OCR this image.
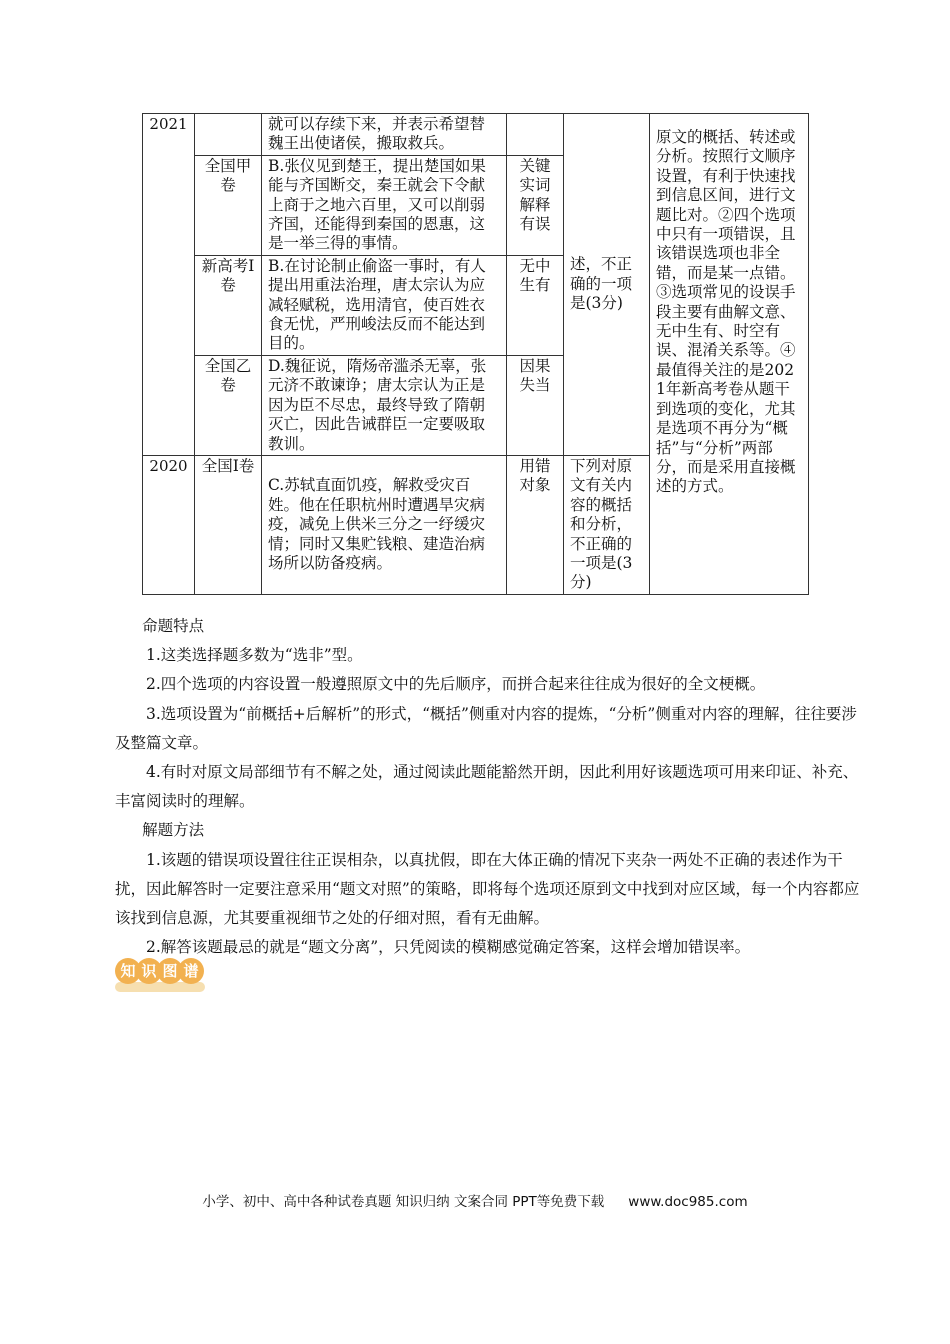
2021		就可以存续下来，并表示希望替魏王出使诸侯，搬取救兵。		述，不正确的一项是(3分)	原文的概括、转述或分析。按照行文顺序设置，有利于快速找到信息区间，进行文题比对。②四个选项中只有一项错误，且该错误选项也非全错，而是某一点错。③选项常见的设误手段主要有曲解文意、无中生有、时空有误、混淆关系等。④最值得关注的是2021年新高考卷从题干到选项的变化，尤其是选项不再分为“概括”与“分析”两部分，而是采用直接概述的方式。
	全国甲卷	B.张仪见到楚王，提出楚国如果能与齐国断交，秦王就会下令献上商于之地六百里，又可以削弱齐国，还能得到秦国的恩惠，这是一举三得的事情。	关键实词解释有误		
	新高考Ⅰ卷	B.在讨论制止偷盗一事时，有人提出用重法治理，唐太宗认为应减轻赋税，选用清官，使百姓衣食无忧，严刑峻法反而不能达到目的。	无中生有		
	全国乙卷	D.魏征说，隋炀帝滥杀无辜，张元济不敢谏诤；唐太宗认为正是因为臣不尽忠，最终导致了隋朝灭亡，因此告诫群臣一定要吸取教训。	因果失当		
2020	全国Ⅰ卷	C.苏轼直面饥疫，解救受灾百姓。他在任职杭州时遭遇旱灾病疫，减免上供米三分之一纾缓灾情；同时又集贮钱粮、建造治病场所以防备疫病。	用错对象	下列对原文有关内容的概括和分析，不正确的一项是(3分)	

命题特点

1.这类选择题多数为“选非”型。

2.四个选项的内容设置一般遵照原文中的先后顺序，而拼合起来往往成为很好的全文梗概。

3.选项设置为“前概括+后解析”的形式，“概括”侧重对内容的提炼，“分析”侧重对内容的理解，往往要涉及整篇文章。

4.有时对原文局部细节有不解之处，通过阅读此题能豁然开朗，因此利用好该题选项可用来印证、补充、丰富阅读时的理解。

解题方法

1.该题的错误项设置往往正误相杂，以真扰假，即在大体正确的情况下夹杂一两处不正确的表述作为干扰，因此解答时一定要注意采用“题文对照”的策略，即将每个选项还原到文中找到对应区域，每一个内容都应该找到信息源，尤其要重视细节之处的仔细对照，看有无曲解。

2.解答该题最忌的就是“题文分离”，只凭阅读的模糊感觉确定答案，这样会增加错误率。

知 识 图 谱
小学、初中、高中各种试卷真题 知识归纳 文案合同 PPT等免费下载 www.doc985.com
